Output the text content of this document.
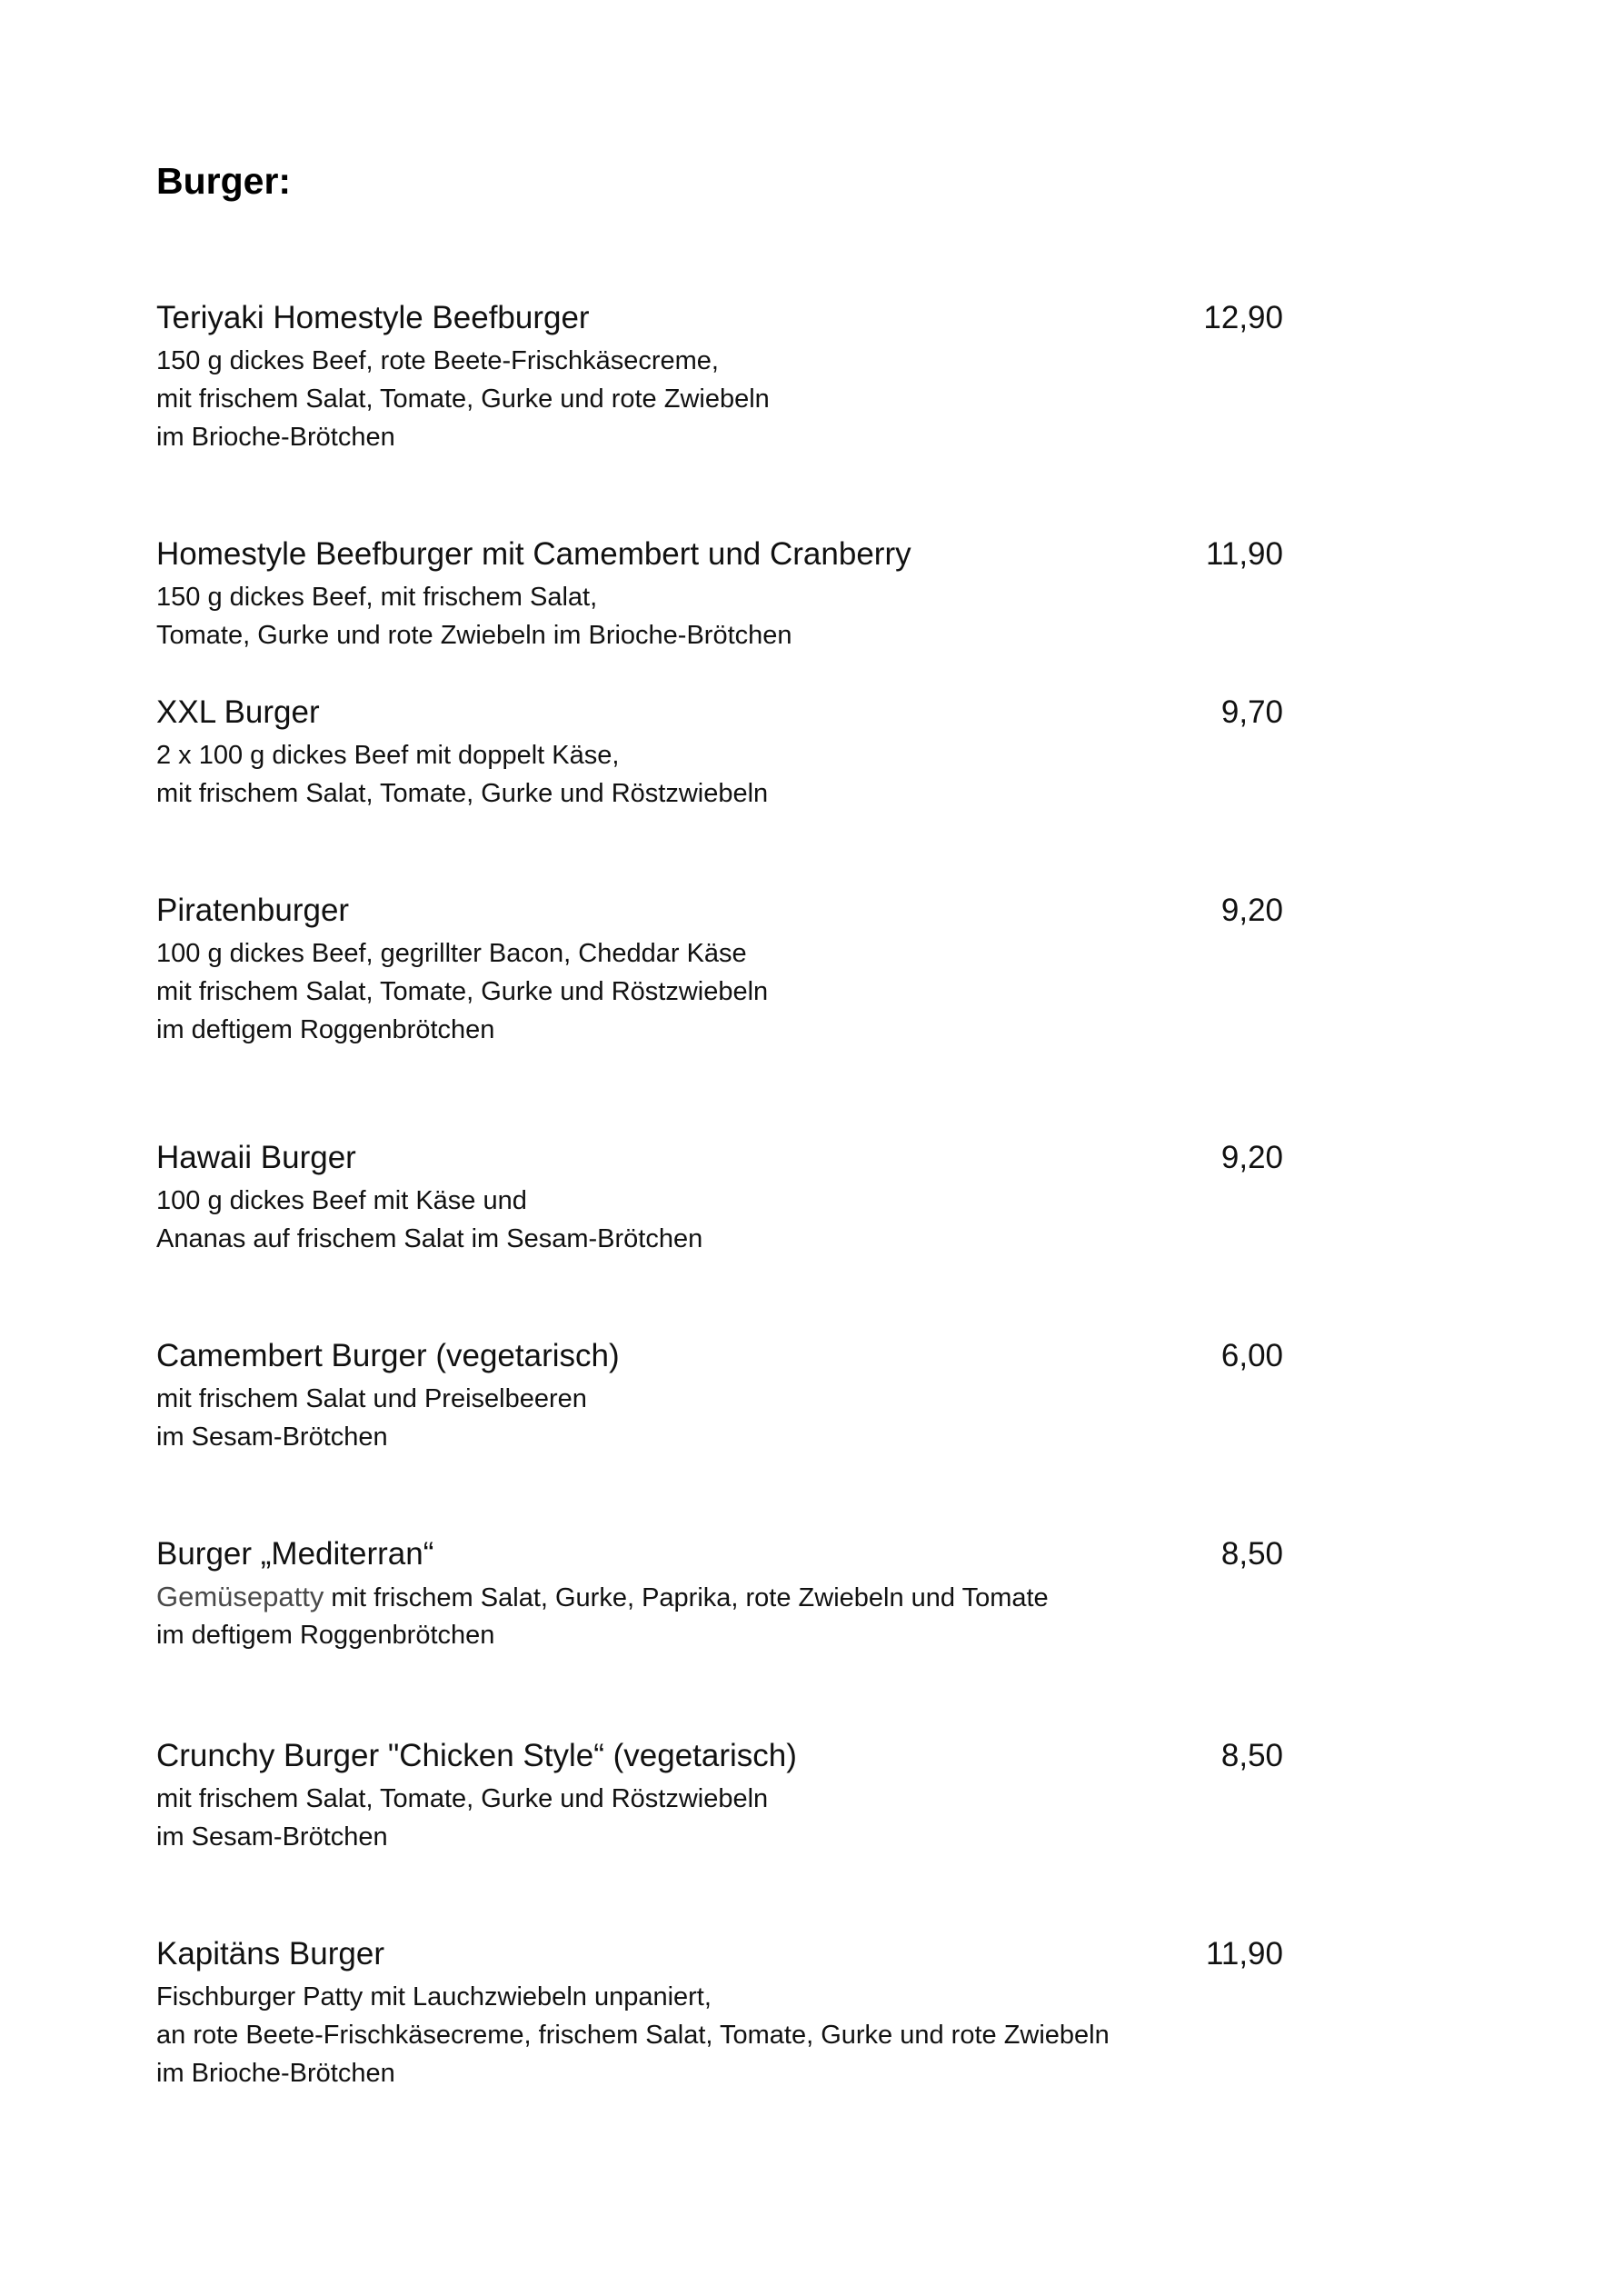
Burger:
Teriyaki Homestyle Beefburger	12,90
150 g dickes Beef, rote Beete-Frischkäsecreme,
mit frischem Salat, Tomate, Gurke und rote Zwiebeln
im Brioche-Brötchen
Homestyle Beefburger mit Camembert und Cranberry	11,90
150 g dickes Beef, mit frischem Salat,
Tomate, Gurke und rote Zwiebeln im Brioche-Brötchen
XXL Burger	9,70
2 x 100 g dickes Beef mit doppelt Käse,
mit frischem Salat, Tomate, Gurke und Röstzwiebeln
Piratenburger	9,20
100 g dickes Beef, gegrillter Bacon, Cheddar Käse
mit frischem Salat, Tomate, Gurke und Röstzwiebeln
im deftigem Roggenbrötchen
Hawaii Burger	9,20
100 g dickes Beef mit Käse und
Ananas auf frischem Salat im Sesam-Brötchen
Camembert Burger (vegetarisch)	6,00
mit frischem Salat und Preiselbeeren
im Sesam-Brötchen
Burger „Mediterran“	8,50
Gemüsepatty mit frischem Salat, Gurke, Paprika, rote Zwiebeln und Tomate
im deftigem Roggenbrötchen
Crunchy Burger "Chicken Style“ (vegetarisch)	8,50
mit frischem Salat, Tomate, Gurke und Röstzwiebeln
im Sesam-Brötchen
Kapitäns Burger	11,90
Fischburger Patty mit Lauchzwiebeln unpaniert,
an rote Beete-Frischkäsecreme, frischem Salat, Tomate, Gurke und rote Zwiebeln
im Brioche-Brötchen
